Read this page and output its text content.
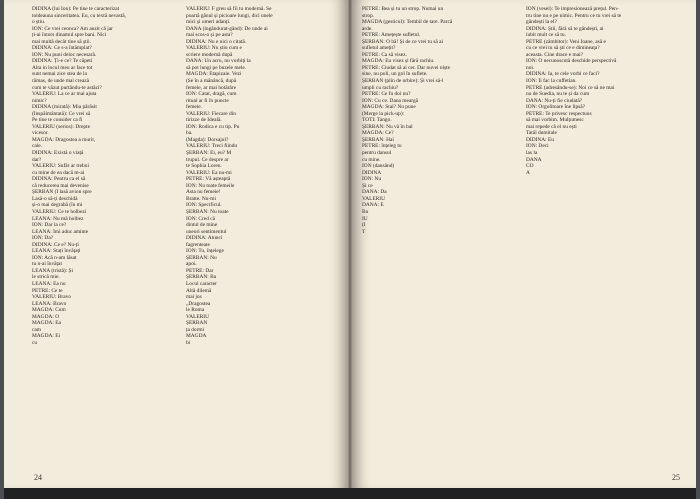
DIDINA (lui Ion): Pe tine te caracterizat
totdeauna sinceritatea. Eu, cu textă nevastă,
o știu.
ION: Ce vrei ceonca? Am auzit că jar
ți-ai întors dinamul spre bani. Nici
mai multă decât tine să știi.
DIDINA: Ce s-a întâmplat?
ION: Nu puni deloc necesară.
DIDINA: Ți-e ce? Te căpeti
Alta in locul meu ar face tot
sunt nemai zice stea de la
rămas, de unde mai crează
cum te văzut purtându-te astăzi?
VALERIU: La ce ar mai ajuta
nimic?
DIDINA (mirată): Mia părăsit
(Înspăimântată): Ce vrei să
Pe tine te consider ca fi
VALERIU (serios): Drepte
vicesor.
MAGDA: Dragostea a murit,
cale.
DIDINA: Există o viață
dar?
VALERIU: Sufăr ar trebui
cu mine de ea dacă m-ai
DIDINA: Pentru ca el să
că reducerea mai devenise
ȘERBAN (Î lasă avion spre
Lasă-o să-ți deschidă
și-o mai degrabă (în mi
VALERIU: Ce te holbezi
LEANA: Nu mă holbez
ION: Dar la ce?
LEANA: Îmi aduc aminte
ION: Da?
DIDINA: Ce e? Nu-ți
LEANA: Stați învățați
ION: Acă n-am lăsat
tu n-ai învățat
LEANA (tristă): Și
le strică mie.
LEANA: Ea nu
PETRE: Ce te
VALERIU: Bravo
LEANA: Bravo
MAGDA: Cum
MAGDA: O
MAGDA: Ea
cam
MAGDA: Ei
cu
VALERIU: F greu să fii tu modernă. Se
poartă gânul și picioare lungi, dici unele
mici și umeri adanți.
DANA (ingândurat-gând): De unde ai
mai scos-o și pe asta?
DIDINA: Nu e nici o citată.
VALERIU: Nu știu cum e
scriere modernă după
DANA: Un acru, nu vorbiți la
să pot lungi pe buzele mele.
MAGDA: Etapizaie. Vezi
(Se în a mănâncă, după
femeie, ar mai hotărâre
ION: Catat, dragă, cum
ritual ar fi în puncte
femeie.
VALERIU: Fiecare din
tirizze de Ideală.
ION: Rodica e cu tip. Pu
ba.
(Magda): Dorsajul?
VALERIU: Treci fiindu
ȘERBAN: Ei, eu? M
trupul. Ce despre ar
te Sophia Loren.
VALERIU: Ea nu-mi
PETRE: Vă așteaptă
ION: Nu toate femeile
Asta nu femeie!
Bratte. Nu-mi
ION: Specificul.
ȘERBAN: Nu toate
ION: Cred că
dintul de mine
uneori sentimentul
DIDINA: Atunci
fagrenteate
ION: Tu, înțelege
ȘERBAN: Nu
apoi.
PETRE: Dar
ȘERBAN: Ba
Locul caracter
Altă dilemă
mai jos
„Dragostea
le Roma
VALERIU
ȘERBAN
ța dormi
MAGDA
bi
24
PETRE: Bea și tu un strop. Numai un
strop.
MAGDA (gesticul): Tembil de tare. Parcă
arde.
PETRE: Amețește sufletul.
ȘERBAN: O bă! Și de ce vrei tu să ai
sufletul amețit?
PETRE: Ca să visez.
MAGDA: Eu visez și fără rachiu.
PETRE: Ciudat să ai cer. Dar nuvei niște
sine, nu poli, un gol în suflete.
ȘERBAN (plin de orbire): Și vrei să-l
umpli cu rachiu?
PETRE: Ce fu doi nu?
ION: Cu ce. Dana meargă
MAGDA: Stai? Nu pune
(Merge la pick-up):
TOTI: Tango.
ȘERBAN: Nu vă în bal
MAGDA: Ce?
ȘERBAN: Hai
PETRE: înțeleg tu
pentru dansul
cu mine.
ION (dansând)
DIDINA
ION: Nu
Și ce
DANA: Da
VALERIU
DANA: E
Bu
IU
(I
T
ION (vesel): Te impresionează prețul. Pen-
tru tine nu e pe nimic. Pentru ce tu vrei să te
gândești la el?
DIDINA: Știi, fără să te gândești, ai
iubit mult ce să tu.
PETRE (zâmbitor): Veni Ioane, asă e
cu ce vrei tu să ști ce e dimineața?
aceasta. Cine drace e mai?
ION: O necunoscută deschide perspectivă
noi.
DIDINA: Ia, te cele vorbi ce faci?
ION: Îi fac la cuffetian.
PETRE (adresându-se): Noi ce să ne mai
nu de Suedia, nu te și da cum
DANA: Nu-ți fie ciudată?
ION: Orgolitoare îne lipsă?
PETRE: Te privesc respectuos
să mai vorbim. Mulțumesc
mai repede că el nu ești
Tatăl dumitale
DIDINA: Eu
ION: Deci
las la
DANA
CO
A
25
